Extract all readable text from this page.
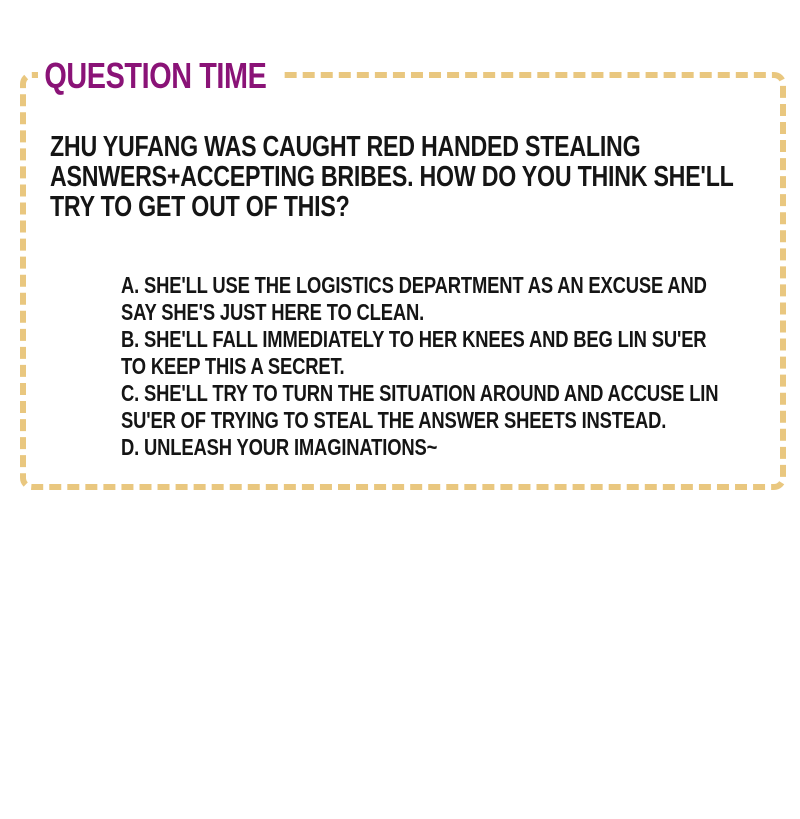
QUESTION TIME
ZHU YUFANG WAS CAUGHT RED HANDED STEALING
ASNWERS+ACCEPTING BRIBES. HOW DO YOU THINK SHE'LL
TRY TO GET OUT OF THIS?
A. SHE'LL USE THE LOGISTICS DEPARTMENT AS AN EXCUSE AND
SAY SHE'S JUST HERE TO CLEAN.
B. SHE'LL FALL IMMEDIATELY TO HER KNEES AND BEG LIN SU'ER
TO KEEP THIS A SECRET.
C. SHE'LL TRY TO TURN THE SITUATION AROUND AND ACCUSE LIN
SU'ER OF TRYING TO STEAL THE ANSWER SHEETS INSTEAD.
D. UNLEASH YOUR IMAGINATIONS~
